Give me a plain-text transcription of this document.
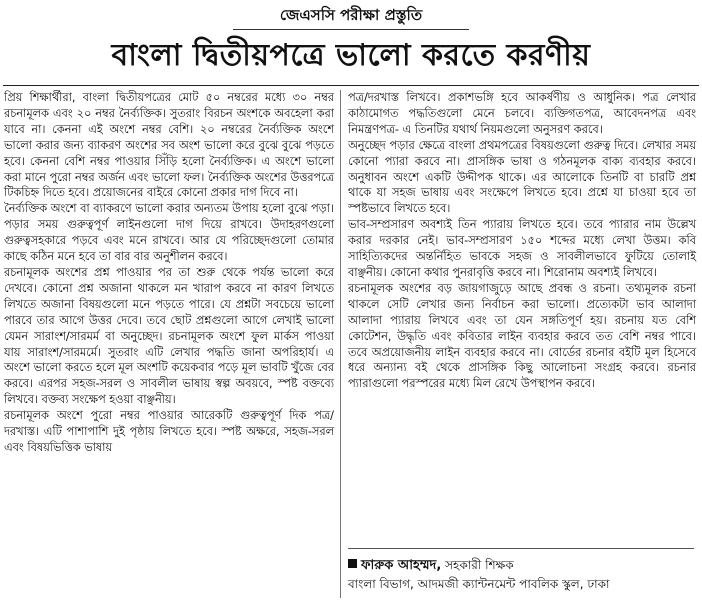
জেএসসি পরীক্ষা প্রস্তুতি
বাংলা দ্বিতীয়পত্রে ভালো করতে করণীয়

প্রিয় শিক্ষার্থীরা, বাংলা দ্বিতীয়পত্রের মোট ৫০ নম্বরের মধ্যে ৩০ নম্বর রচনামূলক এবং ২০ নম্বর নৈর্ব্যক্তিক। সুতরাং বিরচন অংশকে অবহেলা করা যাবে না। কেননা এই অংশে নম্বর বেশি। ২০ নম্বরের নৈর্ব্যক্তিক অংশে ভালো করার জন্য ব্যাকরণ অংশের সব অংশ ভালো করে বুঝে বুঝে পড়তে হবে। কেননা বেশি নম্বর পাওয়ার সিঁড়ি হলো নৈর্ব্যক্তিক। এ অংশে ভালো করা মানে পুরো নম্বর অর্জন এবং ভালো ফল। নৈর্ব্যক্তিক অংশের উত্তরপত্রে টিকচিহ্ন দিতে হবে। প্রয়োজনের বাইরে কোনো প্রকার দাগ দিবে না।

নৈর্ব্যক্তিক অংশে বা ব্যাকরণে ভালো করার অন্যতম উপায় হলো বুঝে পড়া। পড়ার সময় গুরুত্বপূর্ণ লাইনগুলো দাগ দিয়ে রাখবে। উদাহরণগুলো গুরুত্বসহকারে পড়বে এবং মনে রাখবে। আর যে পরিচ্ছেদগুলো তোমার কাছে কঠিন মনে হবে তা বার বার অনুশীলন করবে।

রচনামূলক অংশের প্রশ্ন পাওয়ার পর তা শুরু থেকে পর্যন্ত ভালো করে দেখবে। কোনো প্রশ্ন অজানা থাকলে মন খারাপ করবে না কারণ লিখতে লিখতে অজানা বিষয়গুলো মনে পড়তে পারে। যে প্রশ্নটা সবচেয়ে ভালো পারবে তার আগে উত্তর দেবে। তবে ছোট প্রশ্নগুলো আগে লেখাই ভালো যেমন সারাংশ/সারমর্ম বা অনুচ্ছেদ। রচনামূলক অংশে ফুল মার্কস পাওয়া যায় সারাংশ/সারমর্মে। সুতরাং এটি লেখার পদ্ধতি জানা অপরিহার্য। এ অংশে ভালো করতে হলে মূল অংশটি কয়েকবার পড়ে মূল ভাবটি খুঁজে বের করবে। এরপর সহজ-সরল ও সাবলীল ভাষায় স্বল্প অবয়বে, স্পষ্ট বক্তব্যে লিখবে। বক্তব্য সংক্ষেপ হওয়া বাঞ্ছনীয়।

রচনামূলক অংশে পুরো নম্বর পাওয়ার আরেকটি গুরুত্বপূর্ণ দিক পত্র/দরখাস্ত। এটি পাশাপাশি দুই পৃষ্ঠায় লিখতে হবে। স্পষ্ট অক্ষরে, সহজ-সরল এবং বিষয়ভিত্তিক ভাষায়

পত্র/দরখাস্ত লিখবে। প্রকাশভঙ্গি হবে আকর্ষণীয় ও আধুনিক। পত্র লেখার কাঠামোগত পদ্ধতিগুলো মেনে চলবে। ব্যক্তিগতপত্র, আবেদনপত্র এবং নিমন্ত্রণপত্র- এ তিনটির যথার্থ নিয়মগুলো অনুসরণ করবে।

অনুচ্ছেদ পড়ার ক্ষেত্রে বাংলা প্রথমপত্রের বিষয়গুলো গুরুত্ব দিবে। লেখার সময় কোনো প্যারা করবে না। প্রাসঙ্গিক ভাষা ও গঠনমূলক বাক্য ব্যবহার করবে। অনুধাবন অংশে একটি উদ্দীপক থাকে। এর আলোকে তিনটি বা চারটি প্রশ্ন থাকে যা সহজ ভাষায় এবং সংক্ষেপে লিখতে হবে। প্রশ্নে যা চাওয়া হবে তা স্পষ্টভাবে লিখতে হবে।

ভাব-সম্প্রসারণ অবশ্যই তিন প্যারায় লিখতে হবে। তবে প্যারার নাম উল্লেখ করার দরকার নেই। ভাব-সম্প্রসারণ ১৫০ শব্দের মধ্যে লেখা উত্তম। কবি সাহিত্যিকদের অন্তর্নিহিত ভাবকে সহজ ও সাবলীলভাবে ফুটিয়ে তোলাই বাঞ্ছনীয়। কোনো কথার পুনরাবৃত্তি করবে না। শিরোনাম অবশ্যই লিখবে।

রচনামূলক অংশের বড় জায়গাজুড়ে আছে প্রবন্ধ ও রচনা। তথ্যমূলক রচনা থাকলে সেটি লেখার জন্য নির্বাচন করা ভালো। প্রত্যেকটা ভাব আলাদা আলাদা প্যারায় লিখবে এবং তা যেন সঙ্গতিপূর্ণ হয়। রচনায় যত বেশি কোটেশন, উদ্ধৃতি এবং কবিতার লাইন ব্যবহার করবে তত বেশি নম্বর পাবে। তবে অপ্রয়োজনীয় লাইন ব্যবহার করবে না। বোর্ডের রচনার বইটি মূল হিসেবে ধরে অন্যান্য বই থেকে প্রাসঙ্গিক কিছু আলোচনা সংগ্রহ করবে। রচনার প্যারাগুলো পরস্পরের মধ্যে মিল রেখে উপস্থাপন করবে।

ফারুক আহম্মদ, সহকারী শিক্ষক
বাংলা বিভাগ, আদমজী ক্যান্টনমেন্ট পাবলিক স্কুল, ঢাকা
